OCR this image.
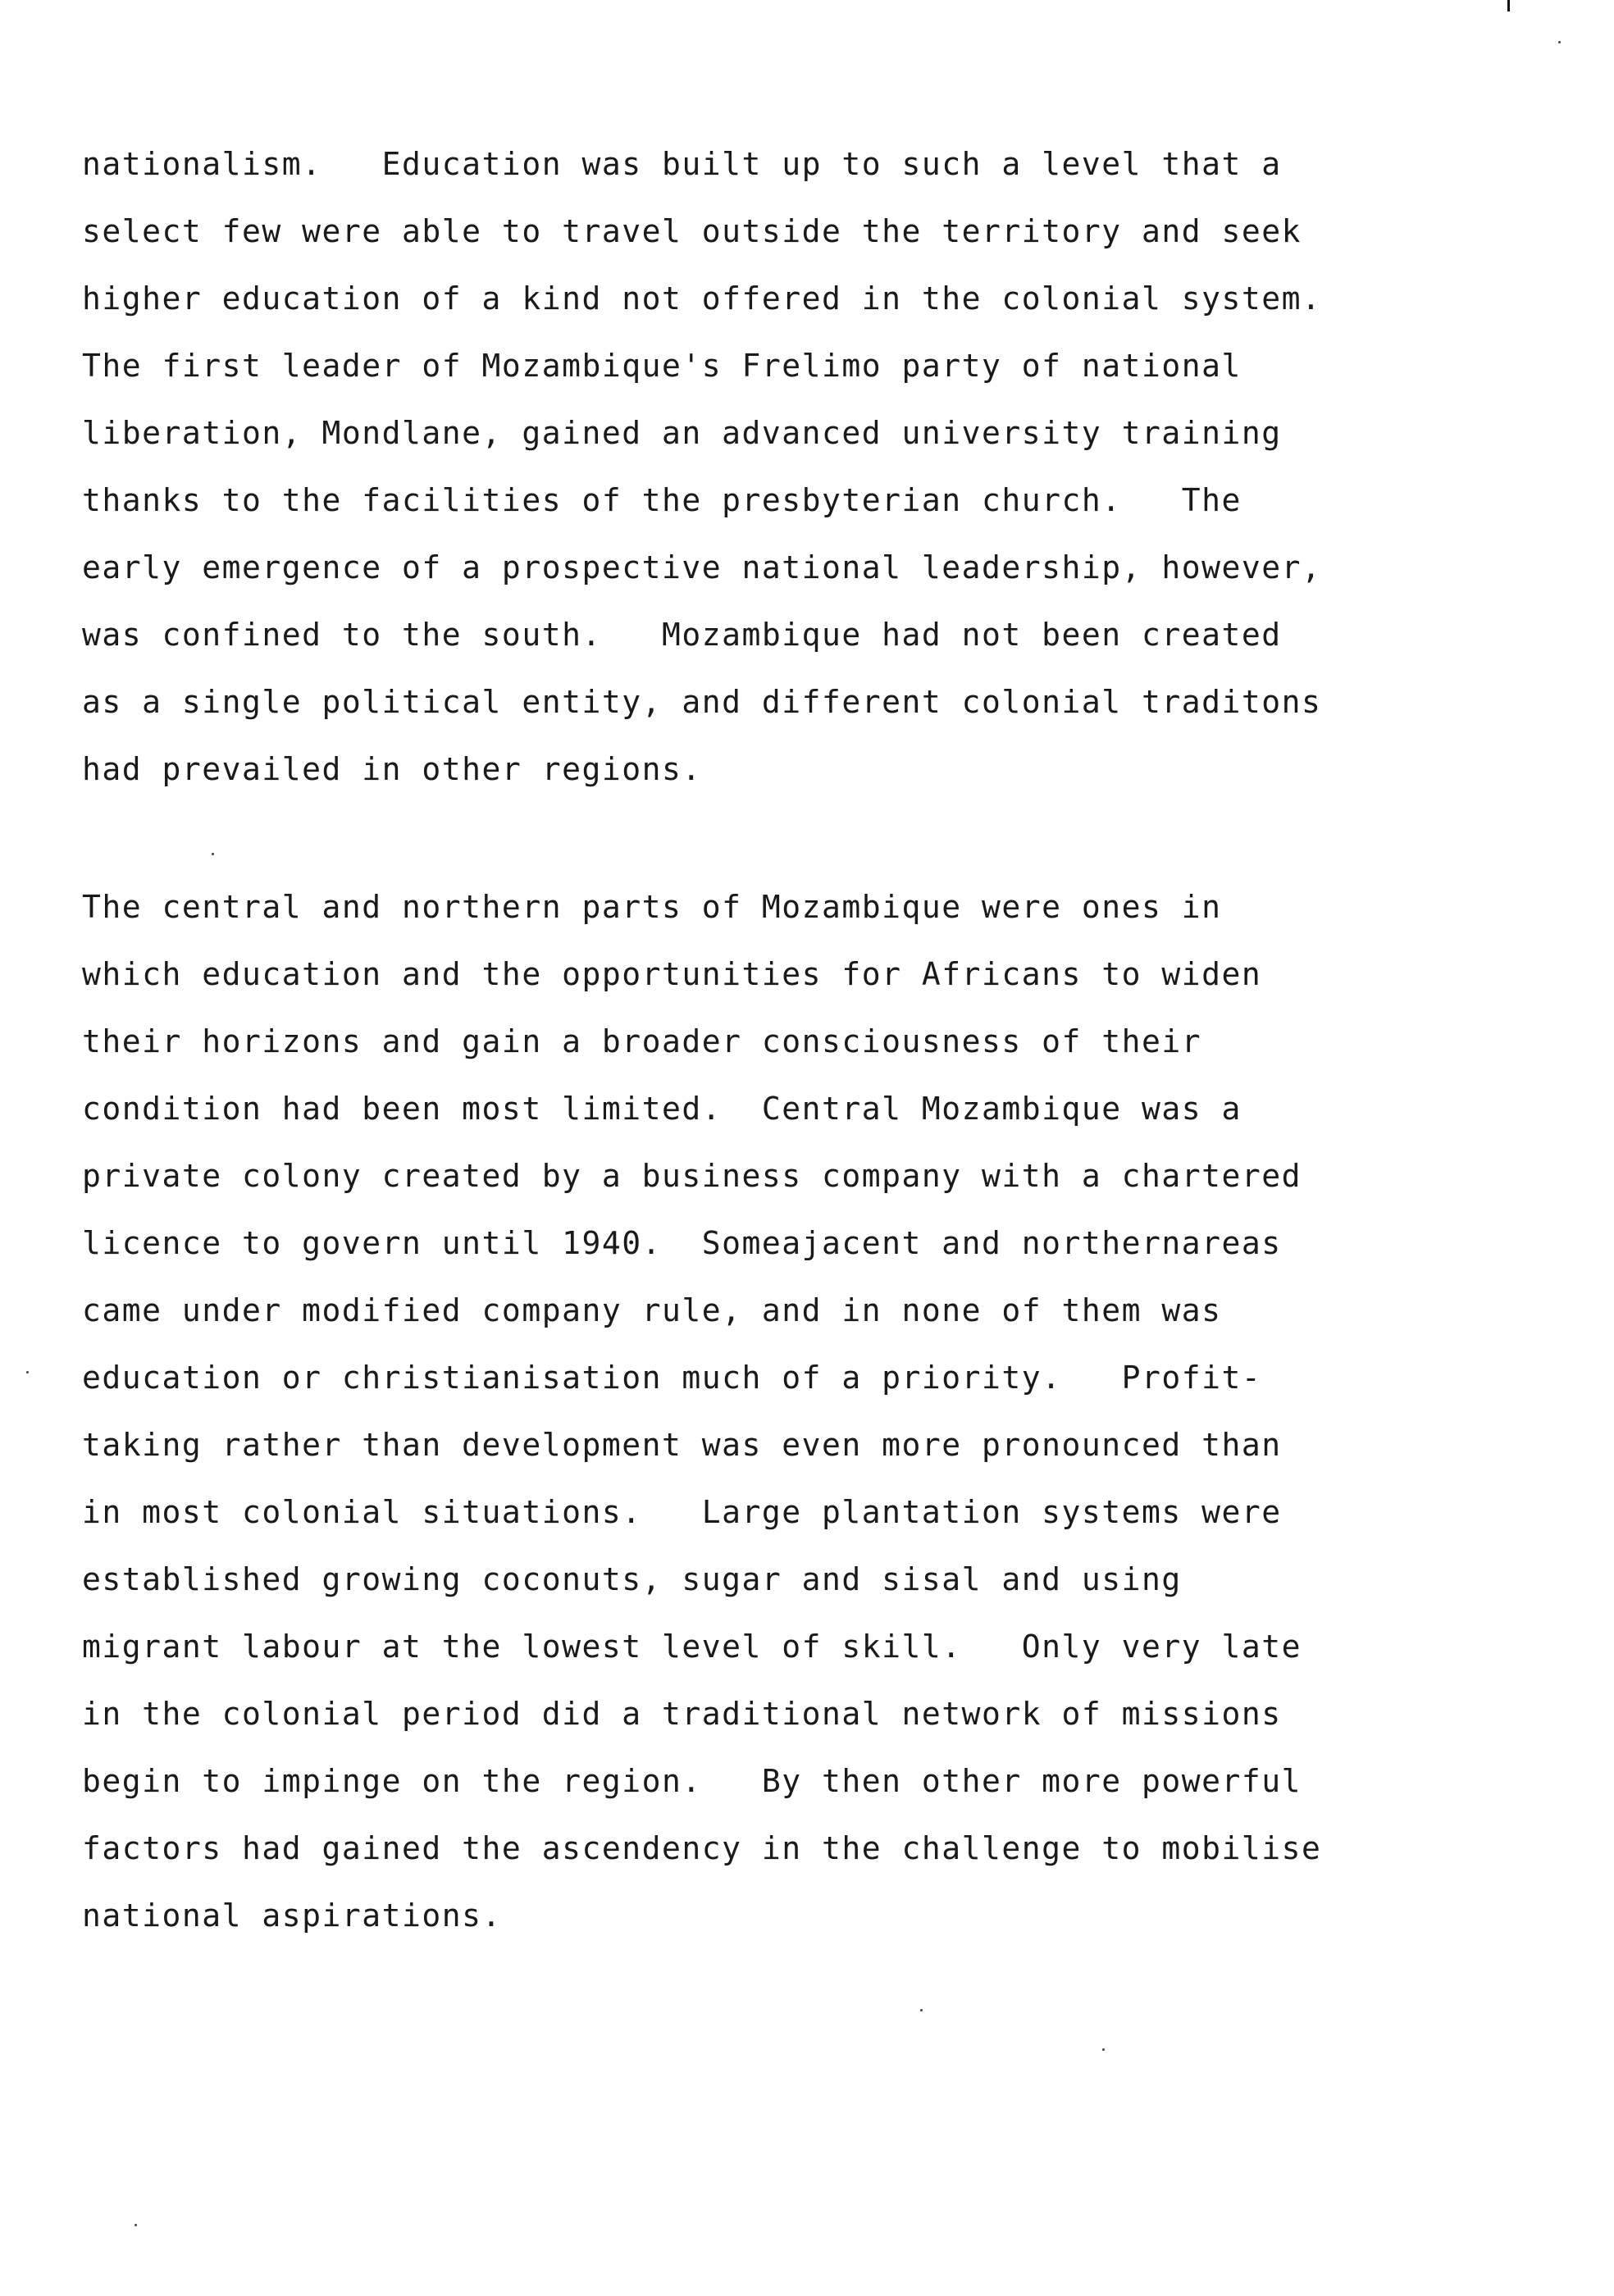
nationalism.   Education was built up to such a level that a
select few were able to travel outside the territory and seek
higher education of a kind not offered in the colonial system.
The first leader of Mozambique's Frelimo party of national
liberation, Mondlane, gained an advanced university training
thanks to the facilities of the presbyterian church.   The
early emergence of a prospective national leadership, however,
was confined to the south.   Mozambique had not been created
as a single political entity, and different colonial traditons
had prevailed in other regions.
The central and northern parts of Mozambique were ones in
which education and the opportunities for Africans to widen
their horizons and gain a broader consciousness of their
condition had been most limited.  Central Mozambique was a
private colony created by a business company with a chartered
licence to govern until 1940.  Someajacent and northernareas
came under modified company rule, and in none of them was
education or christianisation much of a priority.   Profit-
taking rather than development was even more pronounced than
in most colonial situations.   Large plantation systems were
established growing coconuts, sugar and sisal and using
migrant labour at the lowest level of skill.   Only very late
in the colonial period did a traditional network of missions
begin to impinge on the region.   By then other more powerful
factors had gained the ascendency in the challenge to mobilise
national aspirations.
